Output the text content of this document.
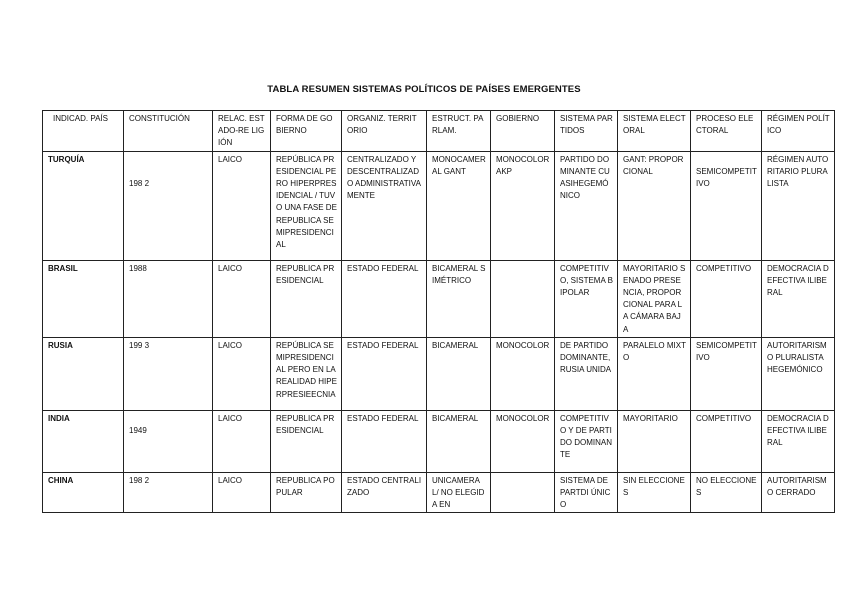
TABLA RESUMEN SISTEMAS POLÍTICOS DE PAÍSES EMERGENTES
INDICAD. PAÍS	CONSTITUCIÓN	RELAC. ESTADO-RE LIGIÓN	FORMA DE GOBIERNO	ORGANIZ. TERRITORIO	ESTRUCT. PARLAM.	GOBIERNO	SISTEMA PARTIDOS	SISTEMA ELECTORAL	PROCESO ELECTORAL	RÉGIMEN POLÍTICO
TURQUÍA	198 2	LAICO	REPÚBLICA PRESIDENCIAL PERO HIPERPRESIDENCIAL / TUVO UNA FASE DE REPUBLICA SEMIPRESIDENCIAL	CENTRALIZADO Y DESCENTRALIZADO ADMINISTRATIVAMENTE	MONOCAMERAL GANT	MONOCOLOR AKP	PARTIDO DOMINANTE CUASIHEGEMÓNICO	GANT: PROPORCIONAL	SEMICOMPETITIVO	RÉGIMEN AUTORITARIO PLURALISTA
BRASIL	1988	LAICO	REPUBLICA PRESIDENCIAL	ESTADO FEDERAL	BICAMERAL SIMÉTRICO		COMPETITIVO, SISTEMA BIPOLAR	MAYORITARIO SENADO PRESENCIA, PROPORCIONAL PARA LA CÁMARA BAJA	COMPETITIVO	DEMOCRACIA DEFECTIVA ILIBERAL
RUSIA	199 3	LAICO	REPÚBLICA SEMIPRESIDENCIAL PERO EN LA REALIDAD HIPERPRESIEECNIA	ESTADO FEDERAL	BICAMERAL	MONOCOLOR	DE PARTIDO DOMINANTE, RUSIA UNIDA	PARALELO MIXTO	SEMICOMPETITIVO	AUTORITARISMO PLURALISTA HEGEMÓNICO
INDIA	1949	LAICO	REPUBLICA PRESIDENCIAL	ESTADO FEDERAL	BICAMERAL	MONOCOLOR	COMPETITIVO Y DE PARTIDO DOMINANTE	MAYORITARIO	COMPETITIVO	DEMOCRACIA DEFECTIVA ILIBERAL
CHINA	198 2	LAICO	REPUBLICA POPULAR	ESTADO CENTRALIZADO	UNICAMERAL/ NO ELEGIDA EN		SISTEMA DE PARTDI ÚNICO	SIN ELECCIONES	NO ELECCIONES	AUTORITARISMO CERRADO
